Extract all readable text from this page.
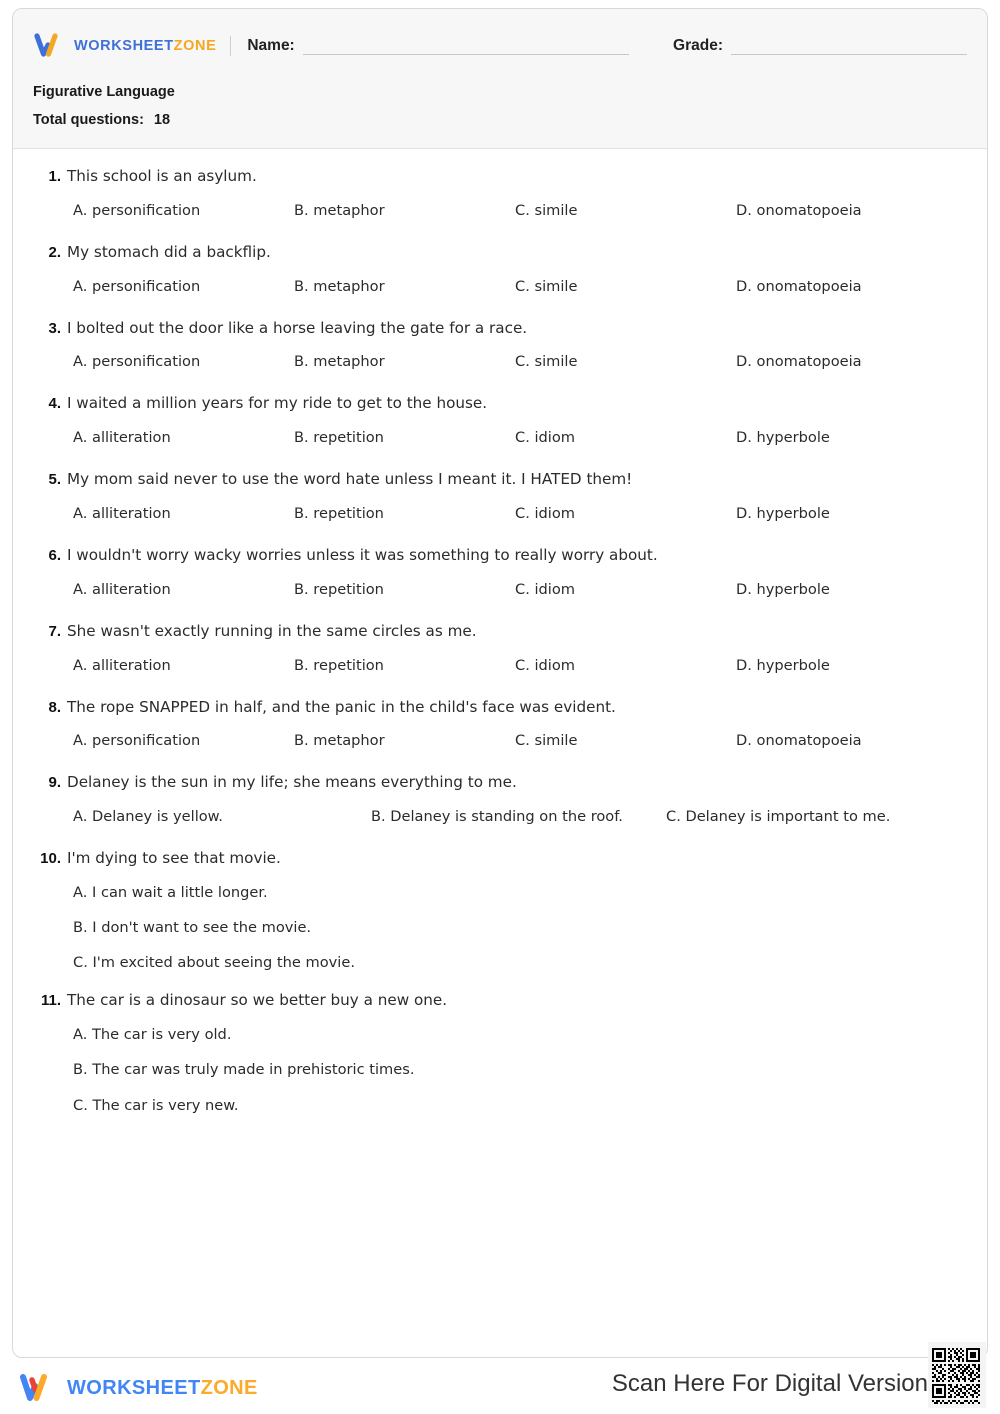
WORKSHEETZONE Name:	Grade:
Figurative Language
Total questions: 18
1. This school is an asylum.
A. personification	B. metaphor	C. simile	D. onomatopoeia
2. My stomach did a backflip.
A. personification	B. metaphor	C. simile	D. onomatopoeia
3. I bolted out the door like a horse leaving the gate for a race.
A. personification	B. metaphor	C. simile	D. onomatopoeia
4. I waited a million years for my ride to get to the house.
A. alliteration	B. repetition	C. idiom	D. hyperbole
5. My mom said never to use the word hate unless I meant it. I HATED them!
A. alliteration	B. repetition	C. idiom	D. hyperbole
6. I wouldn't worry wacky worries unless it was something to really worry about.
A. alliteration	B. repetition	C. idiom	D. hyperbole
7. She wasn't exactly running in the same circles as me.
A. alliteration	B. repetition	C. idiom	D. hyperbole
8. The rope SNAPPED in half, and the panic in the child's face was evident.
A. personification	B. metaphor	C. simile	D. onomatopoeia
9. Delaney is the sun in my life; she means everything to me.
A. Delaney is yellow.	B. Delaney is standing on the roof.	C. Delaney is important to me.
10. I'm dying to see that movie.
A. I can wait a little longer.
B. I don't want to see the movie.
C. I'm excited about seeing the movie.
11. The car is a dinosaur so we better buy a new one.
A. The car is very old.
B. The car was truly made in prehistoric times.
C. The car is very new.
WORKSHEETZONE	Scan Here For Digital Version
